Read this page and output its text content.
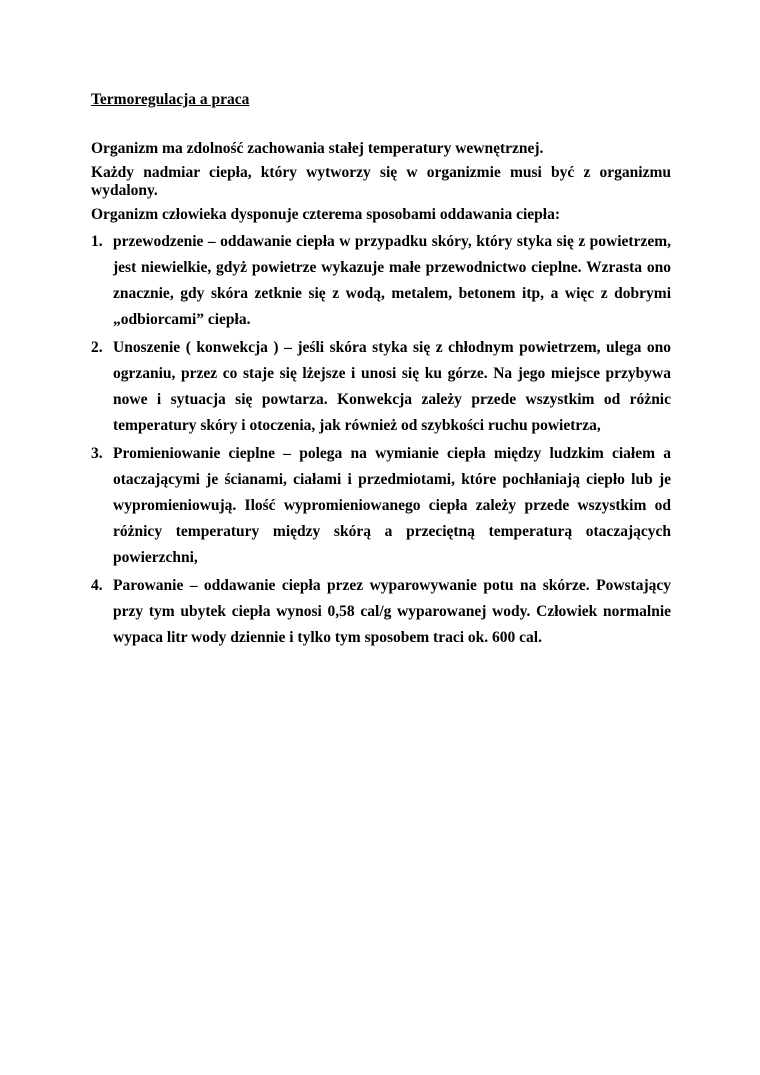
Termoregulacja a praca

Organizm ma zdolność zachowania stałej temperatury wewnętrznej.

Każdy nadmiar ciepła, który wytworzy się w organizmie musi być z organizmu wydalony.

Organizm człowieka dysponuje czterema sposobami oddawania ciepła:

1. przewodzenie – oddawanie ciepła w przypadku skóry, który styka się z powietrzem, jest niewielkie, gdyż powietrze wykazuje małe przewodnictwo cieplne. Wzrasta ono znacznie, gdy skóra zetknie się z wodą, metalem, betonem itp, a więc z dobrymi „odbiorcami” ciepła.
2. Unoszenie ( konwekcja ) – jeśli skóra styka się z chłodnym powietrzem, ulega ono ogrzaniu, przez co staje się lżejsze i unosi się ku górze. Na jego miejsce przybywa nowe i sytuacja się powtarza. Konwekcja zależy przede wszystkim od różnic temperatury skóry i otoczenia, jak również od szybkości ruchu powietrza,
3. Promieniowanie cieplne – polega na wymianie ciepła między ludzkim ciałem a otaczającymi je ścianami, ciałami i przedmiotami, które pochłaniają ciepło lub je wypromieniowują. Ilość wypromieniowanego ciepła zależy przede wszystkim od różnicy temperatury między skórą a przeciętną temperaturą otaczających powierzchni,
4. Parowanie – oddawanie ciepła przez wyparowywanie potu na skórze. Powstający przy tym ubytek ciepła wynosi 0,58 cal/g wyparowanej wody. Człowiek normalnie wypaca litr wody dziennie i tylko tym sposobem traci ok. 600 cal.
